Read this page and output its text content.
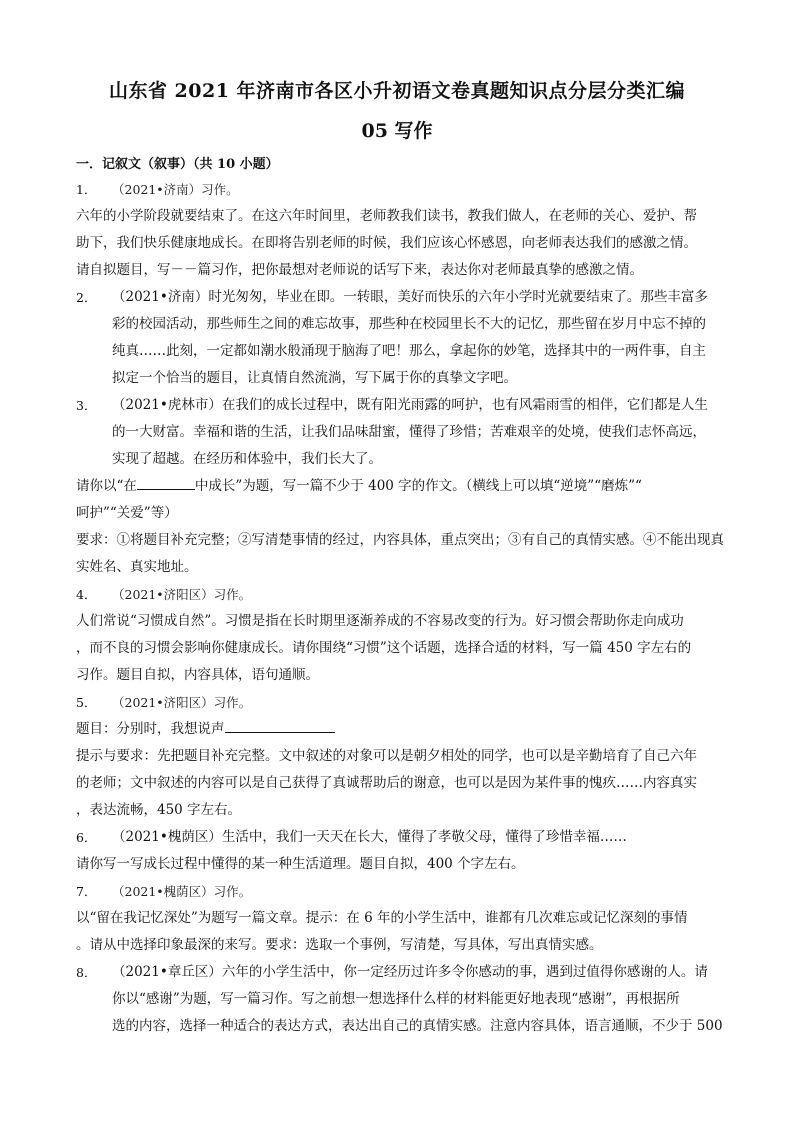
山东省 2021 年济南市各区小升初语文卷真题知识点分层分类汇编
05 写作

一．记叙文（叙事）（共 10 小题）

1．	（2021•济南）习作。

六年的小学阶段就要结束了。在这六年时间里，老师教我们读书，教我们做人，在老师的关心、爱护、帮

助下，我们快乐健康地成长。在即将告别老师的时候，我们应该心怀感恩，向老师表达我们的感激之情。

请自拟题目，写－－篇习作，把你最想对老师说的话写下来，表达你对老师最真挚的感激之情。

2．	（2021•济南）时光匆匆，毕业在即。一转眼，美好而快乐的六年小学时光就要结束了。那些丰富多

彩的校园活动，那些师生之间的难忘故事，那些种在校园里长不大的记忆，那些留在岁月中忘不掉的

纯真……此刻，一定都如潮水般涌现于脑海了吧！那么，拿起你的妙笔，选择其中的一两件事，自主

拟定一个恰当的题目，让真情自然流淌，写下属于你的真挚文字吧。

3．	（2021•虎林市）在我们的成长过程中，既有阳光雨露的呵护，也有风霜雨雪的相伴，它们都是人生

的一大财富。幸福和谐的生活，让我们品味甜蜜，懂得了珍惜；苦难艰辛的处境，使我们志怀高远，

实现了超越。在经历和体验中，我们长大了。

请你以“在	中成长”为题，写一篇不少于 400 字的作文。（横线上可以填“逆境”“磨炼”“

呵护”“关爱”等）

要求：①将题目补充完整；②写清楚事情的经过，内容具体，重点突出；③有自己的真情实感。④不能出现真

实姓名、真实地址。

4．	（2021•济阳区）习作。

人们常说“习惯成自然”。习惯是指在长时期里逐渐养成的不容易改变的行为。好习惯会帮助你走向成功

，而不良的习惯会影响你健康成长。请你围绕“习惯”这个话题，选择合适的材料，写一篇 450 字左右的

习作。题目自拟，内容具体，语句通顺。

5．	（2021•济阳区）习作。

题目：分别时，我想说声

提示与要求：先把题目补充完整。文中叙述的对象可以是朝夕相处的同学，也可以是辛勤培育了自己六年

的老师；文中叙述的内容可以是自己获得了真诚帮助后的谢意，也可以是因为某件事的愧疚……内容真实

，表达流畅，450 字左右。

6．	（2021•槐荫区）生活中，我们一天天在长大，懂得了孝敬父母，懂得了珍惜幸福……

请你写一写成长过程中懂得的某一种生活道理。题目自拟，400 个字左右。

7．	（2021•槐荫区）习作。

以“留在我记忆深处”为题写一篇文章。提示：在 6 年的小学生活中，谁都有几次难忘或记忆深刻的事情

。请从中选择印象最深的来写。要求：选取一个事例，写清楚，写具体，写出真情实感。

8．	（2021•章丘区）六年的小学生活中，你一定经历过许多令你感动的事，遇到过值得你感谢的人。请

你以“感谢”为题，写一篇习作。写之前想一想选择什么样的材料能更好地表现“感谢”，再根据所

选的内容，选择一种适合的表达方式，表达出自己的真情实感。注意内容具体，语言通顺，不少于 500
